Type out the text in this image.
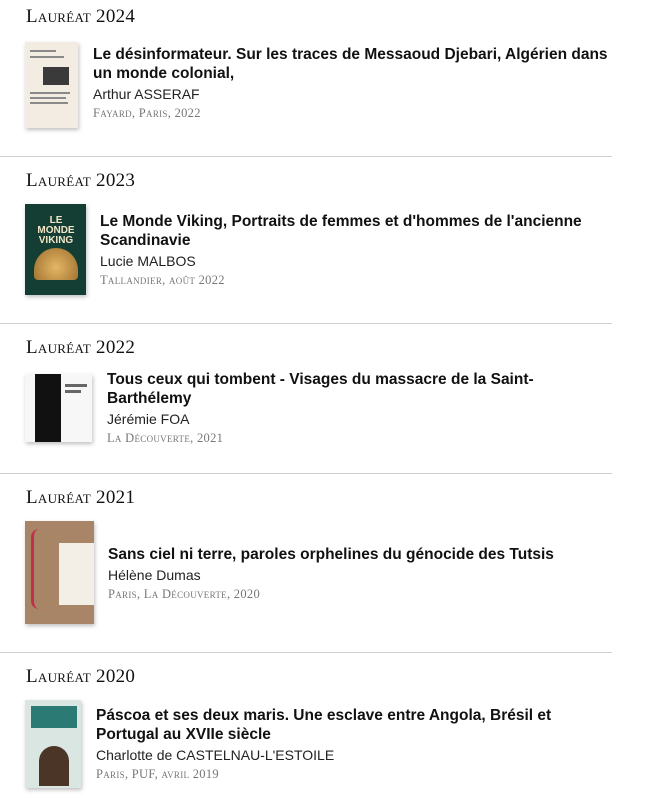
Lauréat 2024
Le désinformateur. Sur les traces de Messaoud Djebari, Algérien dans
un monde colonial,
Arthur ASSERAF
Fayard, Paris, 2022
Lauréat 2023
LE MONDE
VIKING
Le Monde Viking, Portraits de femmes et d'hommes de l'ancienne
Scandinavie
Lucie MALBOS
Tallandier, août 2022
Lauréat 2022
Tous ceux qui tombent - Visages du massacre de la Saint-
Barthélemy
Jérémie FOA
La Découverte, 2021
Lauréat 2021
Sans ciel ni terre, paroles orphelines du génocide des Tutsis
Hélène Dumas
Paris, La Découverte, 2020
Lauréat 2020
Páscoa et ses deux maris. Une esclave entre Angola, Brésil et
Portugal au XVIIe siècle
Charlotte de CASTELNAU-L'ESTOILE
Paris, PUF, avril 2019
